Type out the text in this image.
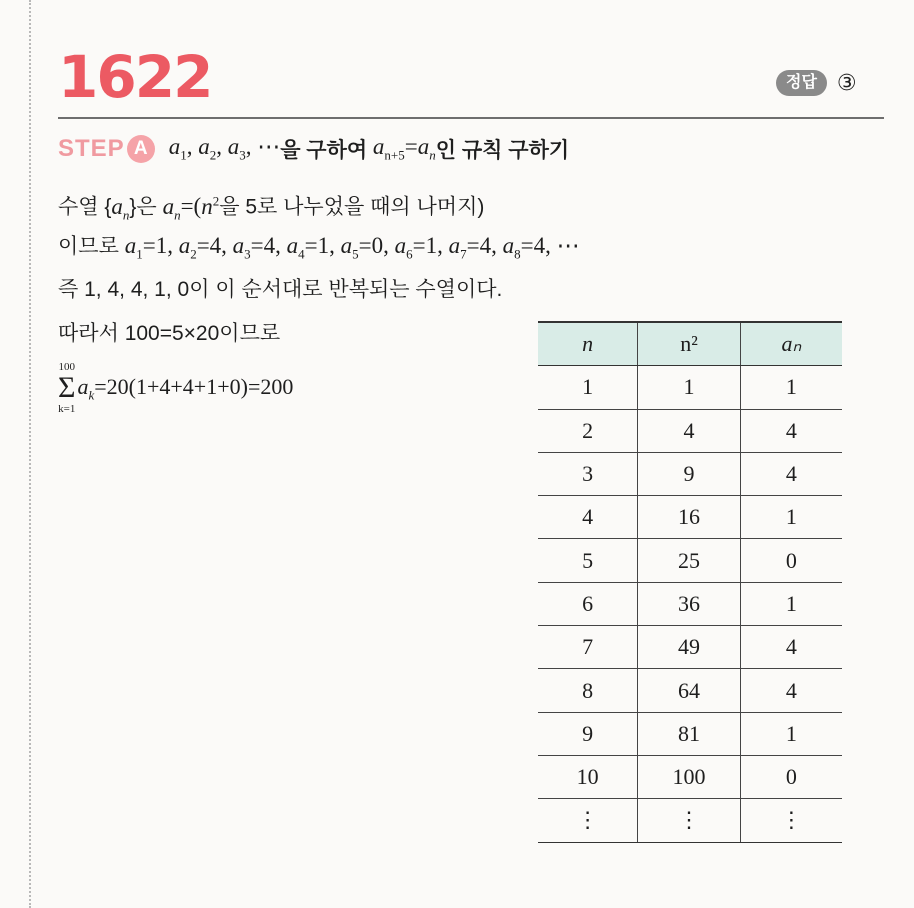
1622	정답 ③
STEP A $a_1$, $a_2$, $a_3$, ⋯ 을 구하여 $a_{n+5}=a_n$ 인 규칙 구하기
수열 $\{a_n\}$은 $a_n=(n^2$을 5로 나누었을 때의 나머지)
이므로 $a_1=1$, $a_2=4$, $a_3=4$, $a_4=1$, $a_5=0$, $a_6=1$, $a_7=4$, $a_8=4$, ⋯
즉 1, 4, 4, 1, 0이 이 순서대로 반복되는 수열이다.
따라서 100=5×20이므로
100
Σ
k=1
$a_k=20(1+4+4+1+0)=200$
n	n²	aₙ
1	1	1
2	4	4
3	9	4
4	16	1
5	25	0
6	36	1
7	49	4
8	64	4
9	81	1
10	100	0
⋮	⋮	⋮
